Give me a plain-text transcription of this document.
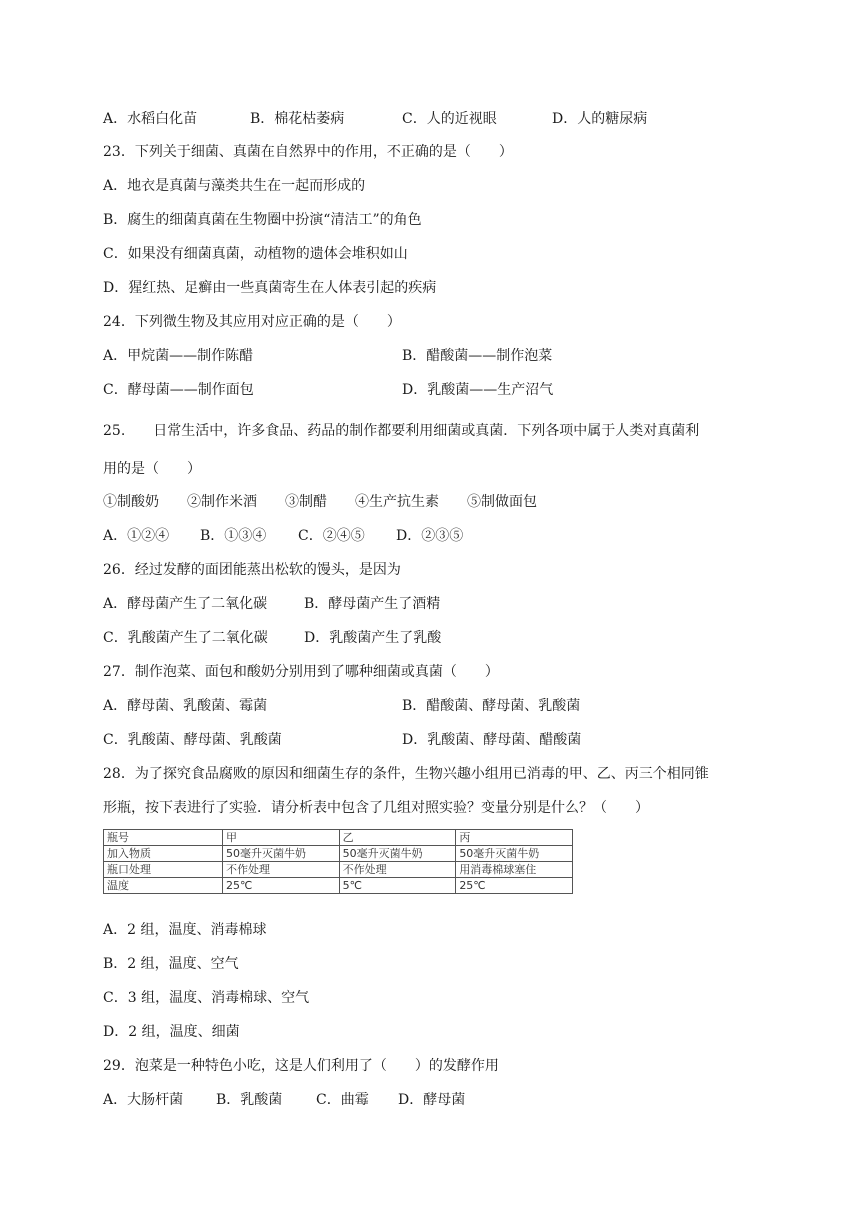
A．水稻白化苗	B．棉花枯萎病	C．人的近视眼	D．人的糖尿病
23．下列关于细菌、真菌在自然界中的作用，不正确的是（　　）
A．地衣是真菌与藻类共生在一起而形成的
B．腐生的细菌真菌在生物圈中扮演“清洁工”的角色
C．如果没有细菌真菌，动植物的遗体会堆积如山
D．猩红热、足癣由一些真菌寄生在人体表引起的疾病
24．下列微生物及其应用对应正确的是（　　）
A．甲烷菌——制作陈醋	B．醋酸菌——制作泡菜
C．酵母菌——制作面包	D．乳酸菌——生产沼气
25.　　日常生活中，许多食品、药品的制作都要利用细菌或真菌．下列各项中属于人类对真菌利
用的是（　　）
①制酸奶　　②制作米酒　　③制醋　　④生产抗生素　　⑤制做面包
A．①②④ B．①③④ C．②④⑤ D．②③⑤
26．经过发酵的面团能蒸出松软的馒头，是因为
A．酵母菌产生了二氧化碳	B．酵母菌产生了酒精
C．乳酸菌产生了二氧化碳	D．乳酸菌产生了乳酸
27．制作泡菜、面包和酸奶分别用到了哪种细菌或真菌（　　）
A．酵母菌、乳酸菌、霉菌	B．醋酸菌、酵母菌、乳酸菌
C．乳酸菌、酵母菌、乳酸菌	D．乳酸菌、酵母菌、醋酸菌
28．为了探究食品腐败的原因和细菌生存的条件，生物兴趣小组用已消毒的甲、乙、丙三个相同锥
形瓶，按下表进行了实验．请分析表中包含了几组对照实验？变量分别是什么？（　　）
瓶号	甲	乙	丙
加入物质	50毫升灭菌牛奶	50毫升灭菌牛奶	50毫升灭菌牛奶
瓶口处理	不作处理	不作处理	用消毒棉球塞住
温度	25℃	5℃	25℃
A．2 组，温度、消毒棉球
B．2 组，温度、空气
C．3 组，温度、消毒棉球、空气
D．2 组，温度、细菌
29．泡菜是一种特色小吃，这是人们利用了（　　）的发酵作用
A．大肠杆菌 B．乳酸菌 C．曲霉 D．酵母菌
